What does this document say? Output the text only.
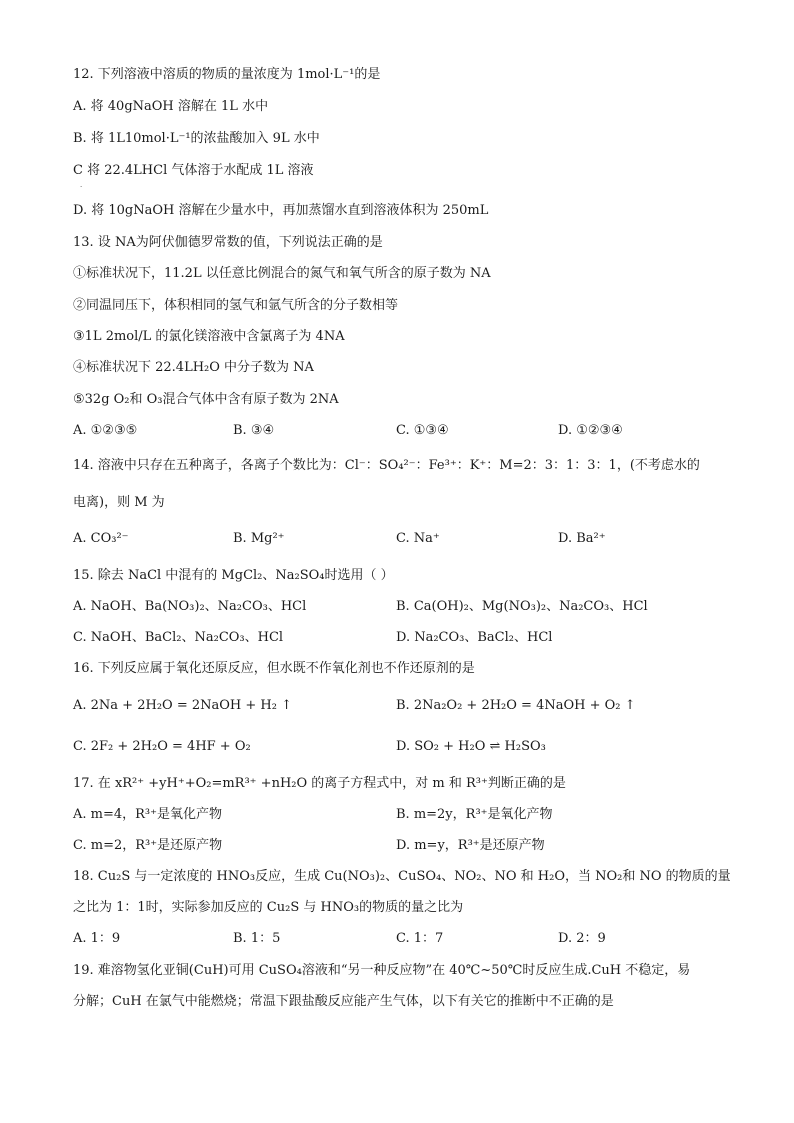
12. 下列溶液中溶质的物质的量浓度为 1mol·L⁻¹的是
A. 将 40gNaOH 溶解在 1L 水中
B. 将 1L10mol·L⁻¹的浓盐酸加入 9L 水中
C 将 22.4LHCl 气体溶于水配成 1L 溶液
·
D. 将 10gNaOH 溶解在少量水中，再加蒸馏水直到溶液体积为 250mL
13. 设 NA为阿伏伽德罗常数的值，下列说法正确的是
①标准状况下，11.2L 以任意比例混合的氮气和氧气所含的原子数为 NA
②同温同压下，体积相同的氢气和氩气所含的分子数相等
③1L 2mol/L 的氯化镁溶液中含氯离子为 4NA
④标准状况下 22.4LH₂O 中分子数为 NA
⑤32g O₂和 O₃混合气体中含有原子数为 2NA
A. ①②③⑤	B. ③④	C. ①③④	D. ①②③④
14. 溶液中只存在五种离子，各离子个数比为：Cl⁻：SO₄²⁻：Fe³⁺：K⁺：M=2：3：1：3：1，(不考虑水的
电离)，则 M 为
A. CO₃²⁻	B. Mg²⁺	C. Na⁺	D. Ba²⁺
15. 除去 NaCl 中混有的 MgCl₂、Na₂SO₄时选用（ ）
A. NaOH、Ba(NO₃)₂、Na₂CO₃、HCl	B. Ca(OH)₂、Mg(NO₃)₂、Na₂CO₃、HCl
C. NaOH、BaCl₂、Na₂CO₃、HCl	D. Na₂CO₃、BaCl₂、HCl
16. 下列反应属于氧化还原反应，但水既不作氧化剂也不作还原剂的是
A. 2Na + 2H₂O = 2NaOH + H₂ ↑	B. 2Na₂O₂ + 2H₂O = 4NaOH + O₂ ↑
C. 2F₂ + 2H₂O = 4HF + O₂	D. SO₂ + H₂O ⇌ H₂SO₃
17. 在 xR²⁺ +yH⁺+O₂=mR³⁺ +nH₂O 的离子方程式中，对 m 和 R³⁺判断正确的是
A. m=4，R³⁺是氧化产物	B. m=2y，R³⁺是氧化产物
C. m=2，R³⁺是还原产物	D. m=y，R³⁺是还原产物
18. Cu₂S 与一定浓度的 HNO₃反应，生成 Cu(NO₃)₂、CuSO₄、NO₂、NO 和 H₂O，当 NO₂和 NO 的物质的量
之比为 1：1时，实际参加反应的 Cu₂S 与 HNO₃的物质的量之比为
A. 1：9	B. 1：5	C. 1：7	D. 2：9
19. 难溶物氢化亚铜(CuH)可用 CuSO₄溶液和“另一种反应物”在 40℃~50℃时反应生成.CuH 不稳定，易
分解；CuH 在氯气中能燃烧；常温下跟盐酸反应能产生气体，以下有关它的推断中不正确的是
